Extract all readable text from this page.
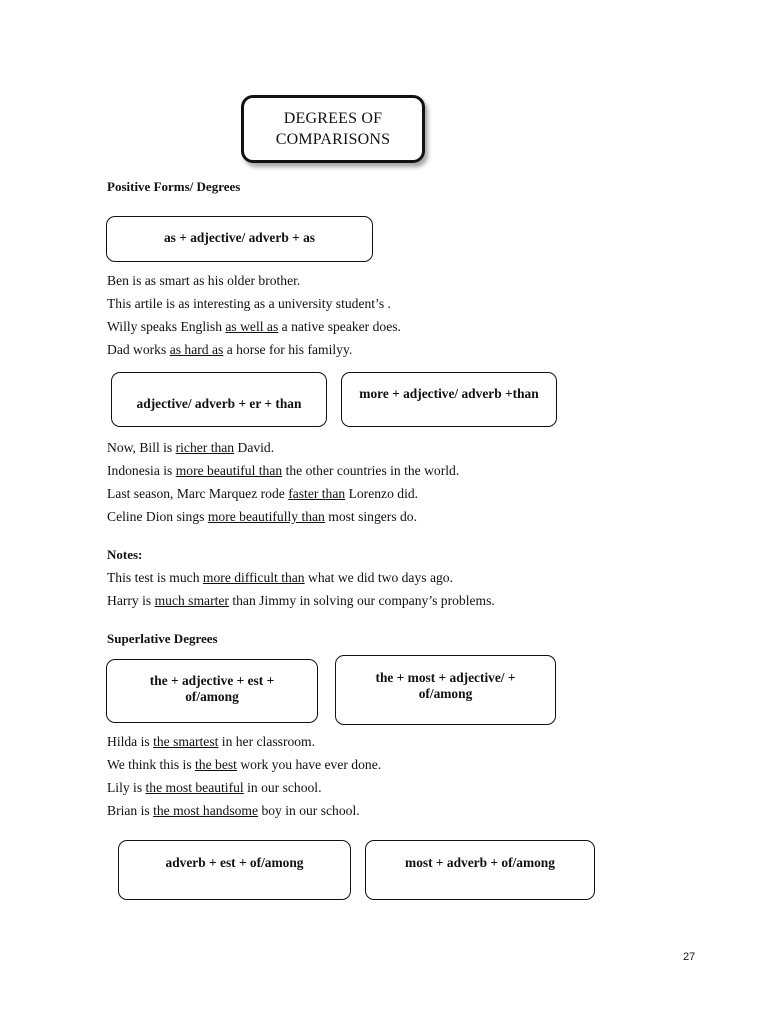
DEGREES OF
COMPARISONS
Positive Forms/ Degrees
as + adjective/ adverb + as
Ben is as smart as his older brother.
This artile is as interesting as a university student’s .
Willy speaks English as well as a native speaker does.
Dad works as hard as a horse for his familyy.
adjective/ adverb + er + than
more + adjective/ adverb +than
Now, Bill is richer than David.
Indonesia is more beautiful than the other countries in the world.
Last season, Marc Marquez rode faster than Lorenzo did.
Celine Dion sings more beautifully than most singers do.
Notes:
This test is much more difficult than what we did two days ago.
Harry is much smarter than Jimmy in solving our company’s problems.
Superlative Degrees
the + adjective + est + of/among
the + most + adjective/ + of/among
Hilda is the smartest in her classroom.
We think this is the best work you have ever done.
Lily is the most beautiful in our school.
Brian is the most handsome boy in our school.
adverb + est + of/among	most + adverb + of/among
27
